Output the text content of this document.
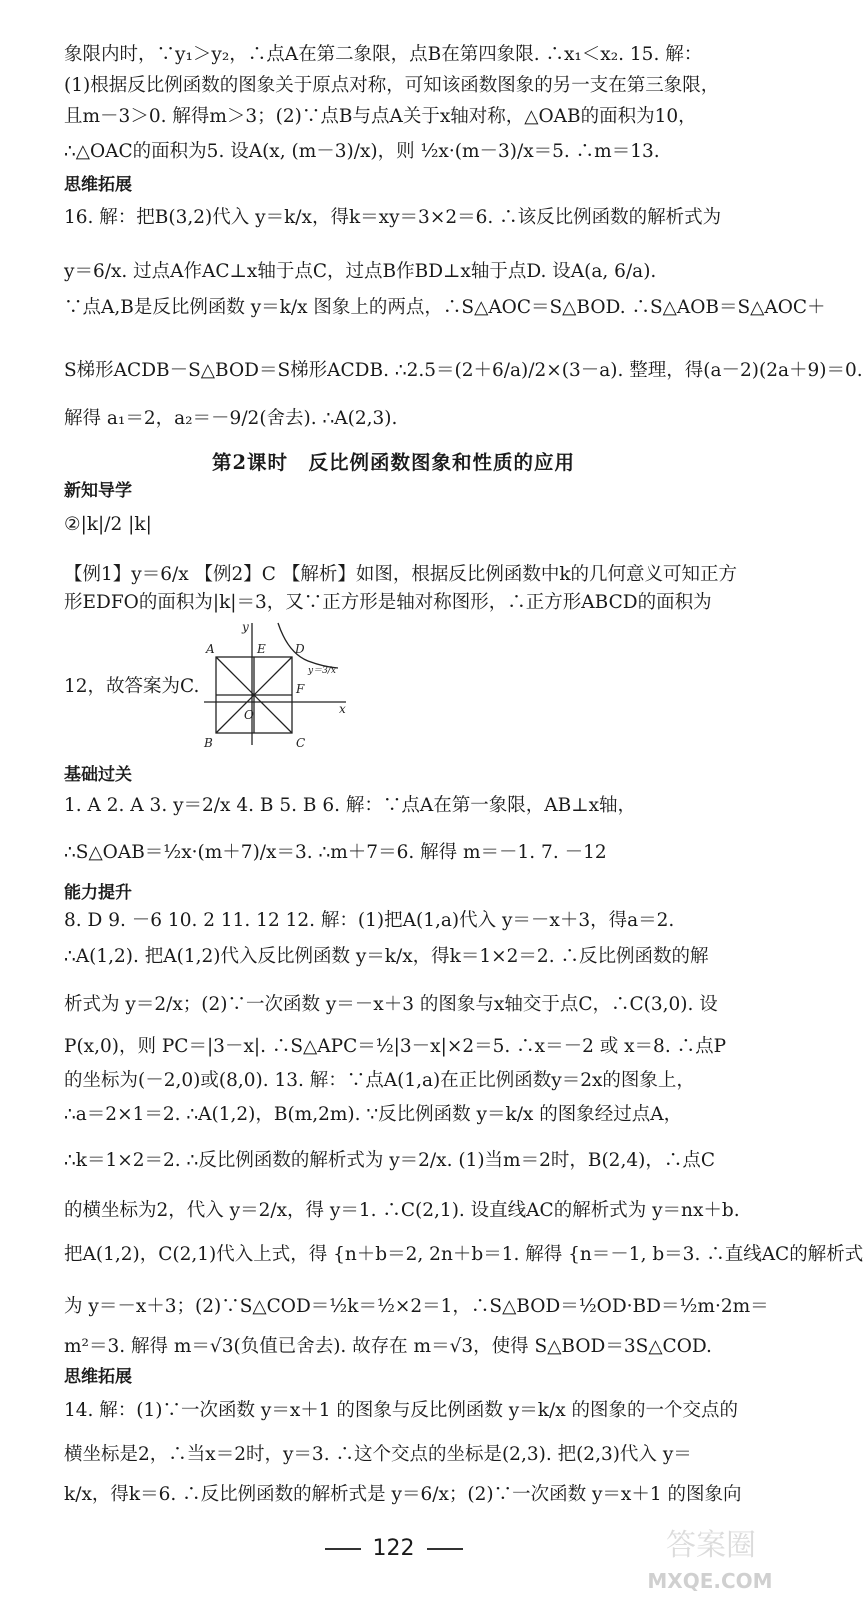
象限内时，∵y₁＞y₂，∴点A在第二象限，点B在第四象限. ∴x₁＜x₂. 15. 解：
(1)根据反比例函数的图象关于原点对称，可知该函数图象的另一支在第三象限，
且m－3＞0. 解得m＞3；(2)∵点B与点A关于x轴对称，△OAB的面积为10，
∴△OAC的面积为5. 设A(x, (m－3)/x)，则 ½x·(m－3)/x＝5. ∴m＝13.
思维拓展
16. 解：把B(3,2)代入 y＝k/x，得k＝xy＝3×2＝6. ∴该反比例函数的解析式为
y＝6/x. 过点A作AC⊥x轴于点C，过点B作BD⊥x轴于点D. 设A(a, 6/a).
∵点A,B是反比例函数 y＝k/x 图象上的两点，∴S△AOC＝S△BOD. ∴S△AOB＝S△AOC＋
S梯形ACDB－S△BOD＝S梯形ACDB. ∴2.5＝(2＋6/a)/2×(3－a). 整理，得(a－2)(2a＋9)＝0.
解得 a₁＝2，a₂＝－9/2(舍去). ∴A(2,3).
第2课时　反比例函数图象和性质的应用
新知导学
②|k|/2 |k|
【例1】y＝6/x 【例2】C 【解析】如图，根据反比例函数中k的几何意义可知正方
形EDFO的面积为|k|＝3，又∵正方形是轴对称图形，∴正方形ABCD的面积为
12，故答案为C.
A	E D
F
O
B	C
x
y
y＝3/x
基础过关
1. A 2. A 3. y＝2/x 4. B 5. B 6. 解：∵点A在第一象限，AB⊥x轴，
∴S△OAB＝½x·(m＋7)/x＝3. ∴m＋7＝6. 解得 m＝－1. 7. －12
能力提升
8. D 9. －6 10. 2 11. 12 12. 解：(1)把A(1,a)代入 y＝－x＋3，得a＝2.
∴A(1,2). 把A(1,2)代入反比例函数 y＝k/x，得k＝1×2＝2. ∴反比例函数的解
析式为 y＝2/x；(2)∵一次函数 y＝－x＋3 的图象与x轴交于点C，∴C(3,0). 设
P(x,0)，则 PC＝|3－x|. ∴S△APC＝½|3－x|×2＝5. ∴x＝－2 或 x＝8. ∴点P
的坐标为(－2,0)或(8,0). 13. 解：∵点A(1,a)在正比例函数y＝2x的图象上，
∴a＝2×1＝2. ∴A(1,2)，B(m,2m). ∵反比例函数 y＝k/x 的图象经过点A，
∴k＝1×2＝2. ∴反比例函数的解析式为 y＝2/x. (1)当m＝2时，B(2,4)，∴点C
的横坐标为2，代入 y＝2/x，得 y＝1. ∴C(2,1). 设直线AC的解析式为 y＝nx＋b.
把A(1,2)，C(2,1)代入上式，得 {n＋b＝2, 2n＋b＝1. 解得 {n＝－1, b＝3. ∴直线AC的解析式
为 y＝－x＋3；(2)∵S△COD＝½k＝½×2＝1，∴S△BOD＝½OD·BD＝½m·2m＝
m²＝3. 解得 m＝√3(负值已舍去). 故存在 m＝√3，使得 S△BOD＝3S△COD.
思维拓展
14. 解：(1)∵一次函数 y＝x＋1 的图象与反比例函数 y＝k/x 的图象的一个交点的
横坐标是2，∴当x＝2时，y＝3. ∴这个交点的坐标是(2,3). 把(2,3)代入 y＝
k/x，得k＝6. ∴反比例函数的解析式是 y＝6/x；(2)∵一次函数 y＝x＋1 的图象向
122	答案圈
MXQE.COM
